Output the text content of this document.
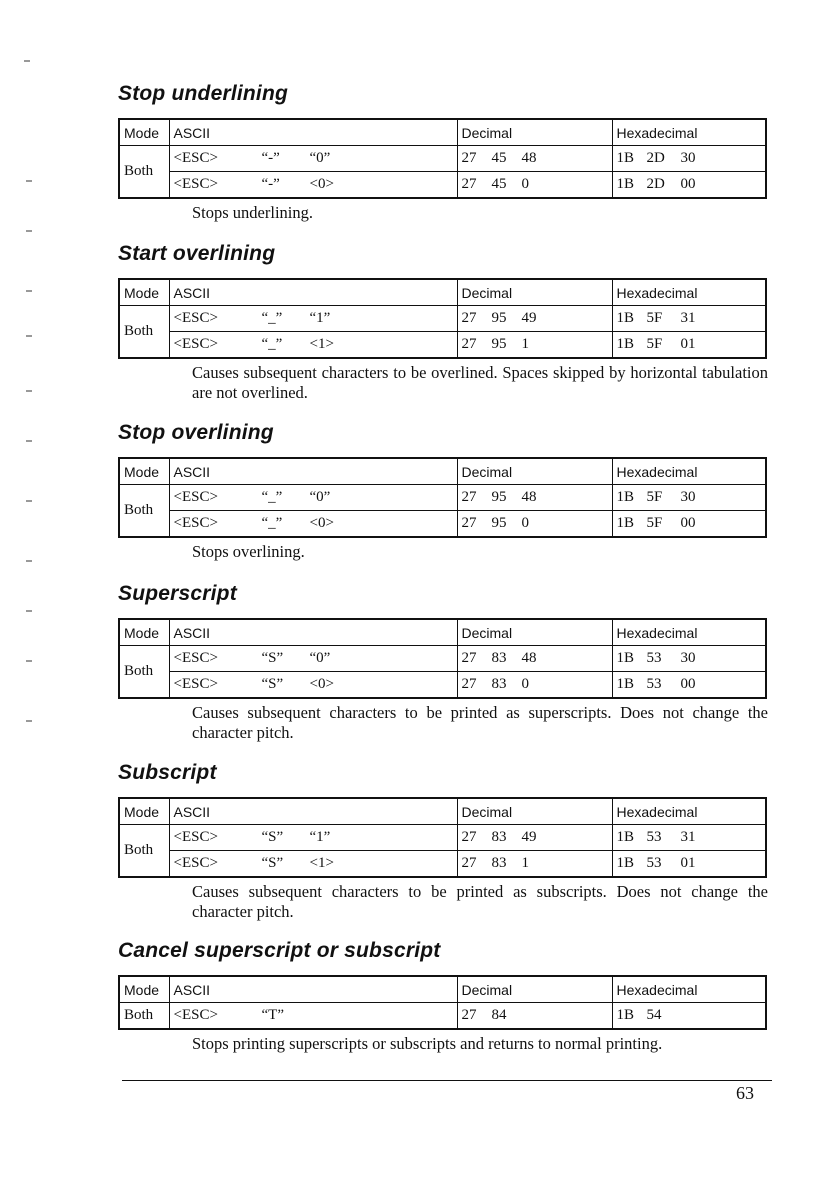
Stop underlining
Mode	ASCII	Decimal	Hexadecimal
Both	<ESC> “-” “0”	27 45 48	1B 2D 30
	<ESC> “-” <0>	27 45 0	1B 2D 00
Stops underlining.
Start overlining
Mode	ASCII	Decimal	Hexadecimal
Both	<ESC> “_” “1”	27 95 49	1B 5F 31
	<ESC> “_” <1>	27 95 1	1B 5F 01
Causes subsequent characters to be overlined. Spaces skipped by horizontal tabulation are not overlined.
Stop overlining
Mode	ASCII	Decimal	Hexadecimal
Both	<ESC> “_” “0”	27 95 48	1B 5F 30
	<ESC> “_” <0>	27 95 0	1B 5F 00
Stops overlining.
Superscript
Mode	ASCII	Decimal	Hexadecimal
Both	<ESC> “S” “0”	27 83 48	1B 53 30
	<ESC> “S” <0>	27 83 0	1B 53 00
Causes subsequent characters to be printed as superscripts. Does not change the character pitch.
Subscript
Mode	ASCII	Decimal	Hexadecimal
Both	<ESC> “S” “1”	27 83 49	1B 53 31
	<ESC> “S” <1>	27 83 1	1B 53 01
Causes subsequent characters to be printed as subscripts. Does not change the character pitch.
Cancel superscript or subscript
Mode	ASCII	Decimal	Hexadecimal
Both	<ESC> “T”	27 84	1B 54
Stops printing superscripts or subscripts and returns to normal printing.
63
